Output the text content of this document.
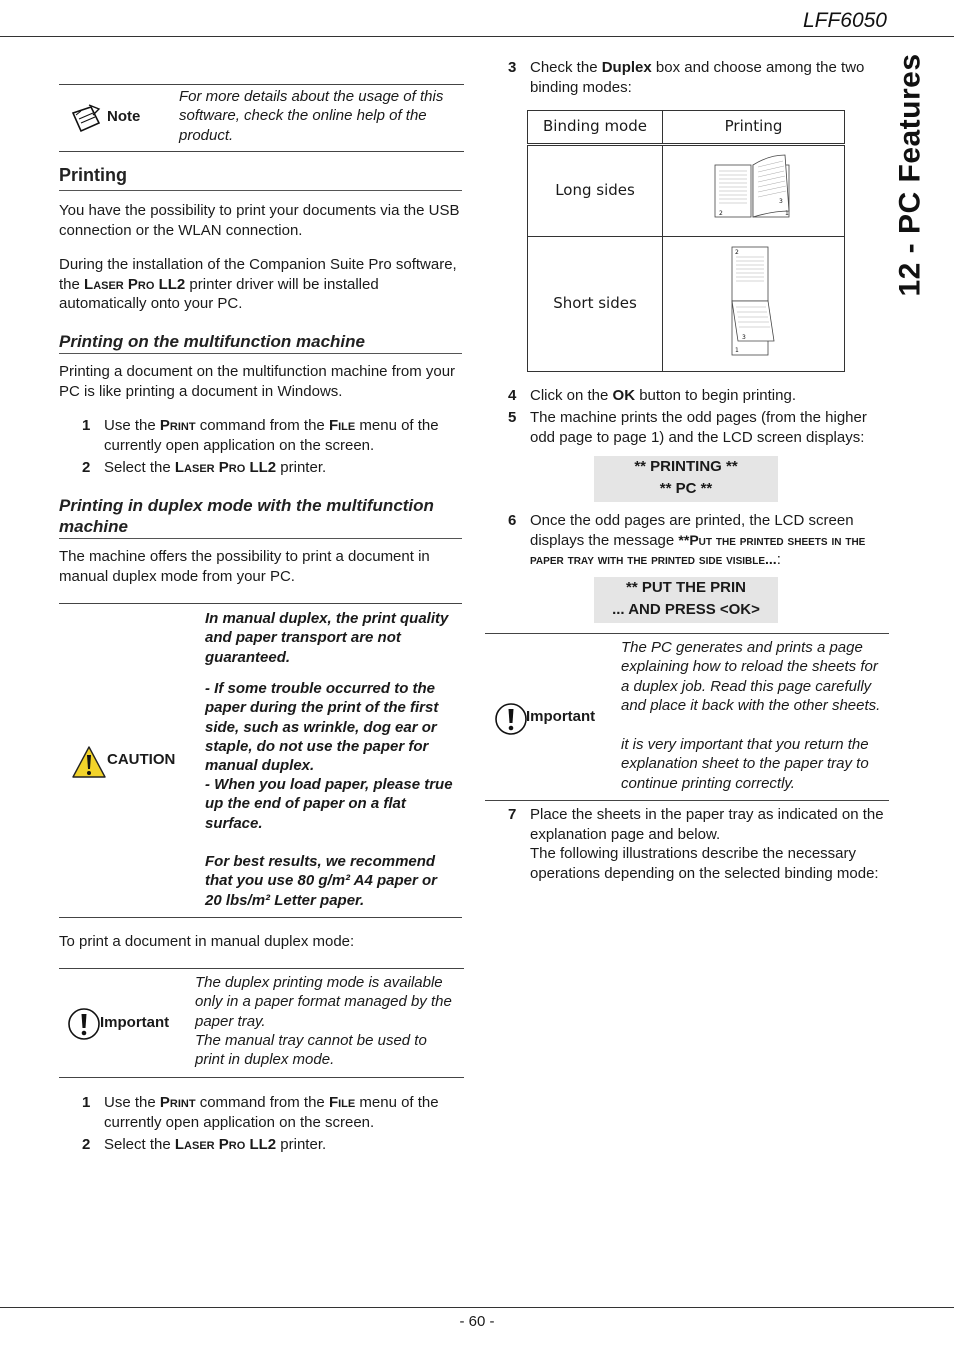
LFF6050
12 - PC Features
Note
For more details about the usage of this software, check the online help of the product.
Printing
You have the possibility to print your documents via the USB connection or the WLAN connection.
During the installation of the Companion Suite Pro software, the Laser Pro LL2 printer driver will be installed automatically onto your PC.
Printing on the multifunction machine
Printing a document on the multifunction machine from your PC is like printing a document in Windows.
1 Use the Print command from the File menu of the currently open application on the screen.
2 Select the Laser Pro LL2 printer.
Printing in duplex mode with the multifunction
machine
The machine offers the possibility to print a document in manual duplex mode from your PC.
CAUTION
In manual duplex, the print quality and paper transport are not guaranteed.
- If some trouble occurred to the paper during the print of the first side, such as wrinkle, dog ear or staple, do not use the paper for manual duplex.
- When you load paper, please true up the end of paper on a flat surface.
For best results, we recommend that you use 80 g/m² A4 paper or 20 lbs/m² Letter paper.
To print a document in manual duplex mode:
Important
The duplex printing mode is available only in a paper format managed by the paper tray.
The manual tray cannot be used to print in duplex mode.
1 Use the Print command from the File menu of the currently open application on the screen.
2 Select the Laser Pro LL2 printer.
3 Check the Duplex box and choose among the two binding modes:
Binding mode	Printing
Long sides	2
3
1

Short sides	2
3
1
4 Click on the OK button to begin printing.
5 The machine prints the odd pages (from the higher odd page to page 1) and the LCD screen displays:
** PRINTING **
** PC **
6 Once the odd pages are printed, the LCD screen displays the message **Put the printed sheets in the paper tray with the printed side visible...:
** PUT THE PRIN
... AND PRESS <OK>
Important
The PC generates and prints a page explaining how to reload the sheets for a duplex job. Read this page carefully and place it back with the other sheets.
it is very important that you return the explanation sheet to the paper tray to continue printing correctly.
7 Place the sheets in the paper tray as indicated on the explanation page and below.
The following illustrations describe the necessary operations depending on the selected binding mode:
- 60 -
